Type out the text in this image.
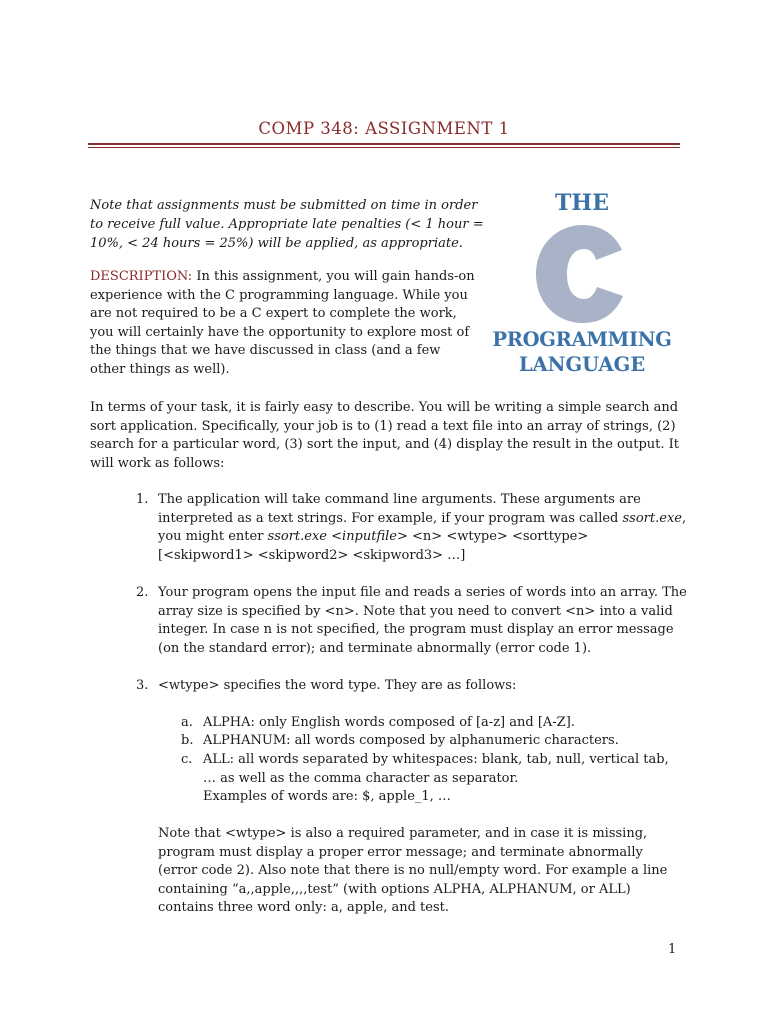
COMP 348: ASSIGNMENT 1
Note that assignments must be submitted on time in order to receive full value. Appropriate late penalties (< 1 hour = 10%, < 24 hours = 25%) will be applied, as appropriate.
DESCRIPTION: In this assignment, you will gain hands-on experience with the C programming language. While you are not required to be a C expert to complete the work, you will certainly have the opportunity to explore most of the things that we have discussed in class (and a few other things as well).
THE
PROGRAMMING
LANGUAGE
In terms of your task, it is fairly easy to describe. You will be writing a simple search and sort application. Specifically, your job is to (1) read a text file into an array of strings, (2) search for a particular word, (3) sort the input, and (4) display the result in the output. It will work as follows:
1. The application will take command line arguments. These arguments are interpreted as a text strings. For example, if your program was called ssort.exe, you might enter ssort.exe <inputfile> <n> <wtype> <sorttype> [<skipword1> <skipword2> <skipword3> …]
2. Your program opens the input file and reads a series of words into an array. The array size is specified by <n>. Note that you need to convert <n> into a valid integer. In case n is not specified, the program must display an error message (on the standard error); and terminate abnormally (error code 1).
3. <wtype> specifies the word type. They are as follows:
a. ALPHA: only English words composed of [a-z] and [A-Z].
b. ALPHANUM: all words composed by alphanumeric characters.
c. ALL: all words separated by whitespaces: blank, tab, null, vertical tab, … as well as the comma character as separator.
Examples of words are: $, apple_1, …
Note that <wtype> is also a required parameter, and in case it is missing, program must display a proper error message; and terminate abnormally (error code 2). Also note that there is no null/empty word. For example a line containing “a,,apple,,,,test” (with options ALPHA, ALPHANUM, or ALL) contains three word only: a, apple, and test.
1
